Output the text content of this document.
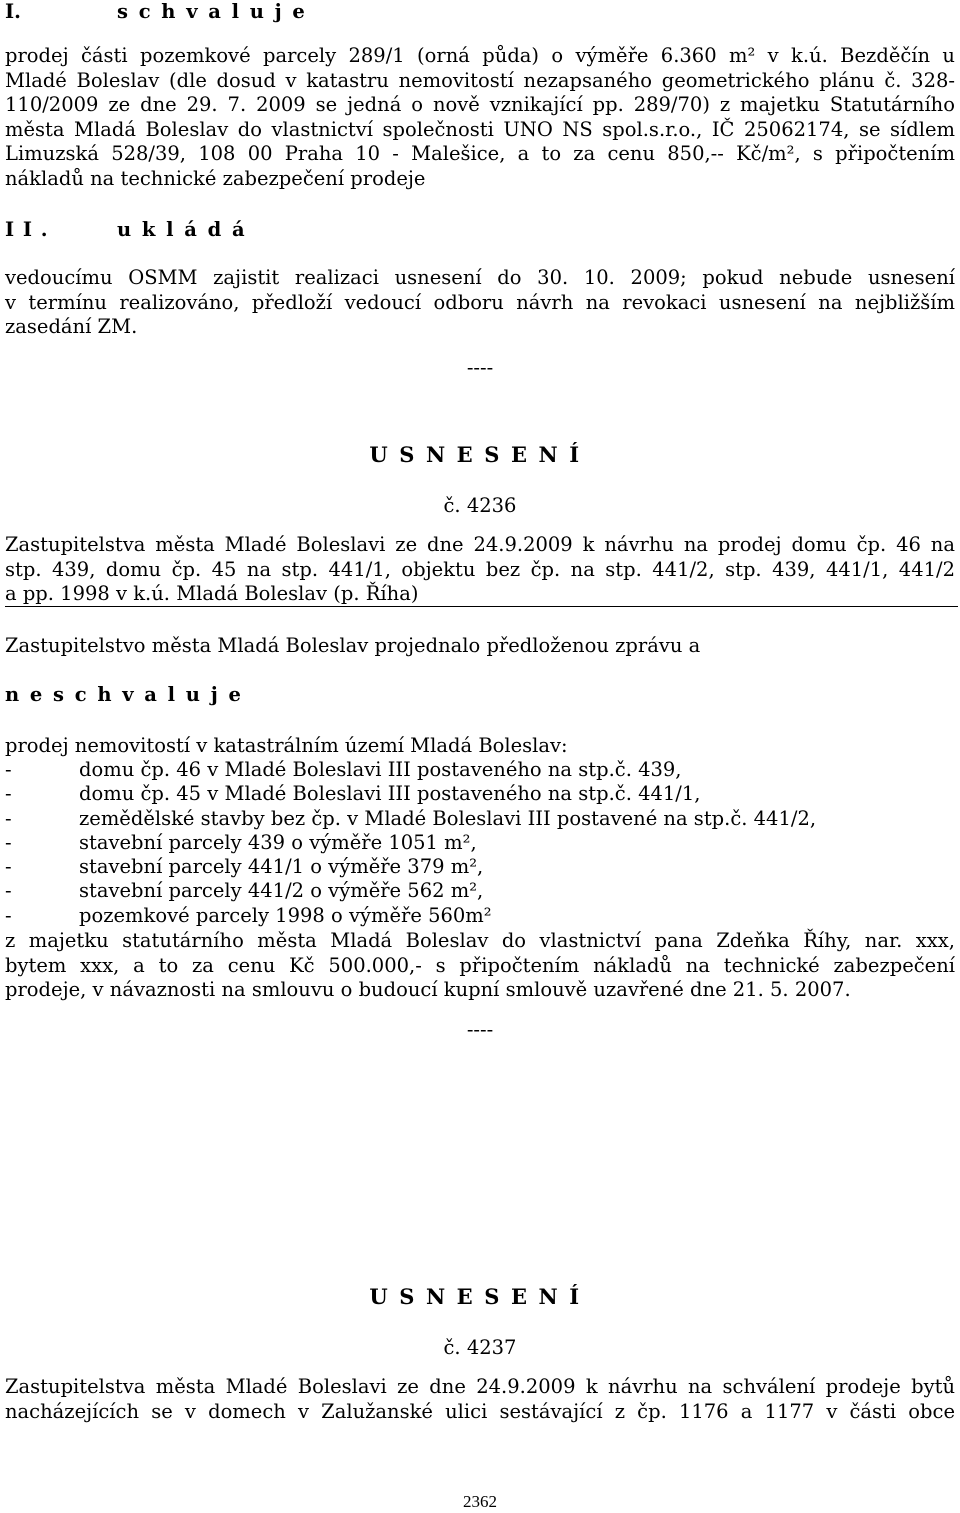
I.	schvaluje
prodej části pozemkové parcely 289/1 (orná půda) o výměře 6.360 m² v k.ú. Bezděčín u
Mladé Boleslav (dle dosud v katastru nemovitostí nezapsaného geometrického plánu č. 328-
110/2009 ze dne 29. 7. 2009 se jedná o nově vznikající pp. 289/70) z majetku Statutárního
města Mladá Boleslav do vlastnictví společnosti UNO NS spol.s.r.o., IČ 25062174, se sídlem
Limuzská 528/39, 108 00 Praha 10 - Malešice, a to za cenu 850,-- Kč/m², s připočtením
nákladů na technické zabezpečení prodeje
II.	ukládá
vedoucímu OSMM zajistit realizaci usnesení do 30. 10. 2009; pokud nebude usnesení
v termínu realizováno, předloží vedoucí odboru návrh na revokaci usnesení na nejbližším
zasedání ZM.
----
USNESENÍ
č. 4236
Zastupitelstva města Mladé Boleslavi ze dne 24.9.2009 k návrhu na prodej domu čp. 46 na
stp. 439, domu čp. 45 na stp. 441/1, objektu bez čp. na stp. 441/2, stp. 439, 441/1, 441/2
a pp. 1998 v k.ú. Mladá Boleslav (p. Říha)
Zastupitelstvo města Mladá Boleslav projednalo předloženou zprávu a
neschvaluje
prodej nemovitostí v katastrálním území Mladá Boleslav:
-	domu čp. 46 v Mladé Boleslavi III postaveného na stp.č. 439,
-	domu čp. 45 v Mladé Boleslavi III postaveného na stp.č. 441/1,
-	zemědělské stavby bez čp. v Mladé Boleslavi III postavené na stp.č. 441/2,
-	stavební parcely 439 o výměře 1051 m²,
-	stavební parcely 441/1 o výměře 379 m²,
-	stavební parcely 441/2 o výměře 562 m²,
-	pozemkové parcely 1998 o výměře 560m²
z majetku statutárního města Mladá Boleslav do vlastnictví pana Zdeňka Říhy, nar. xxx,
bytem xxx, a to za cenu Kč 500.000,- s připočtením nákladů na technické zabezpečení
prodeje, v návaznosti na smlouvu o budoucí kupní smlouvě uzavřené dne 21. 5. 2007.
----
USNESENÍ
č. 4237
Zastupitelstva města Mladé Boleslavi ze dne 24.9.2009 k návrhu na schválení prodeje bytů
nacházejících se v domech v Zalužanské ulici sestávající z čp. 1176 a 1177 v části obce
2362
